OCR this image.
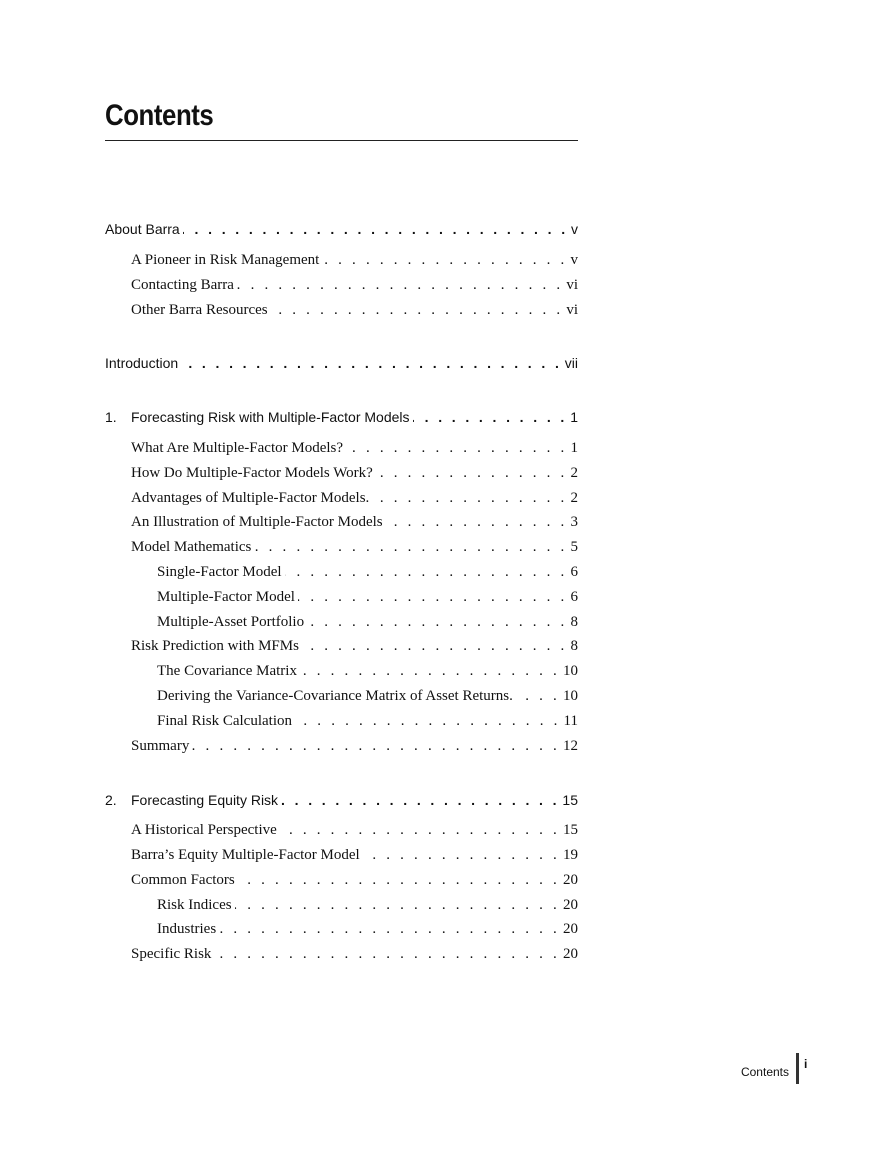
Contents
About Barra . . .	v
A Pioneer in Risk Management . . .	v
Contacting Barra . . .	vi
Other Barra Resources . . .	vi
Introduction . . .	vii
1. Forecasting Risk with Multiple-Factor Models . . .	1
What Are Multiple-Factor Models? . . .	1
How Do Multiple-Factor Models Work? . . .	2
Advantages of Multiple-Factor Models. . . .	2
An Illustration of Multiple-Factor Models . . .	3
Model Mathematics . . .	5
Single-Factor Model . . .	6
Multiple-Factor Model . . .	6
Multiple-Asset Portfolio . . .	8
Risk Prediction with MFMs . . .	8
The Covariance Matrix . . .	10
Deriving the Variance-Covariance Matrix of Asset Returns. . . .	10
Final Risk Calculation . . .	11
Summary . . .	12
2. Forecasting Equity Risk . . .	15
A Historical Perspective . . .	15
Barra’s Equity Multiple-Factor Model . . .	19
Common Factors . . .	20
Risk Indices . . .	20
Industries . . .	20
Specific Risk . . .	20
Contents
i
